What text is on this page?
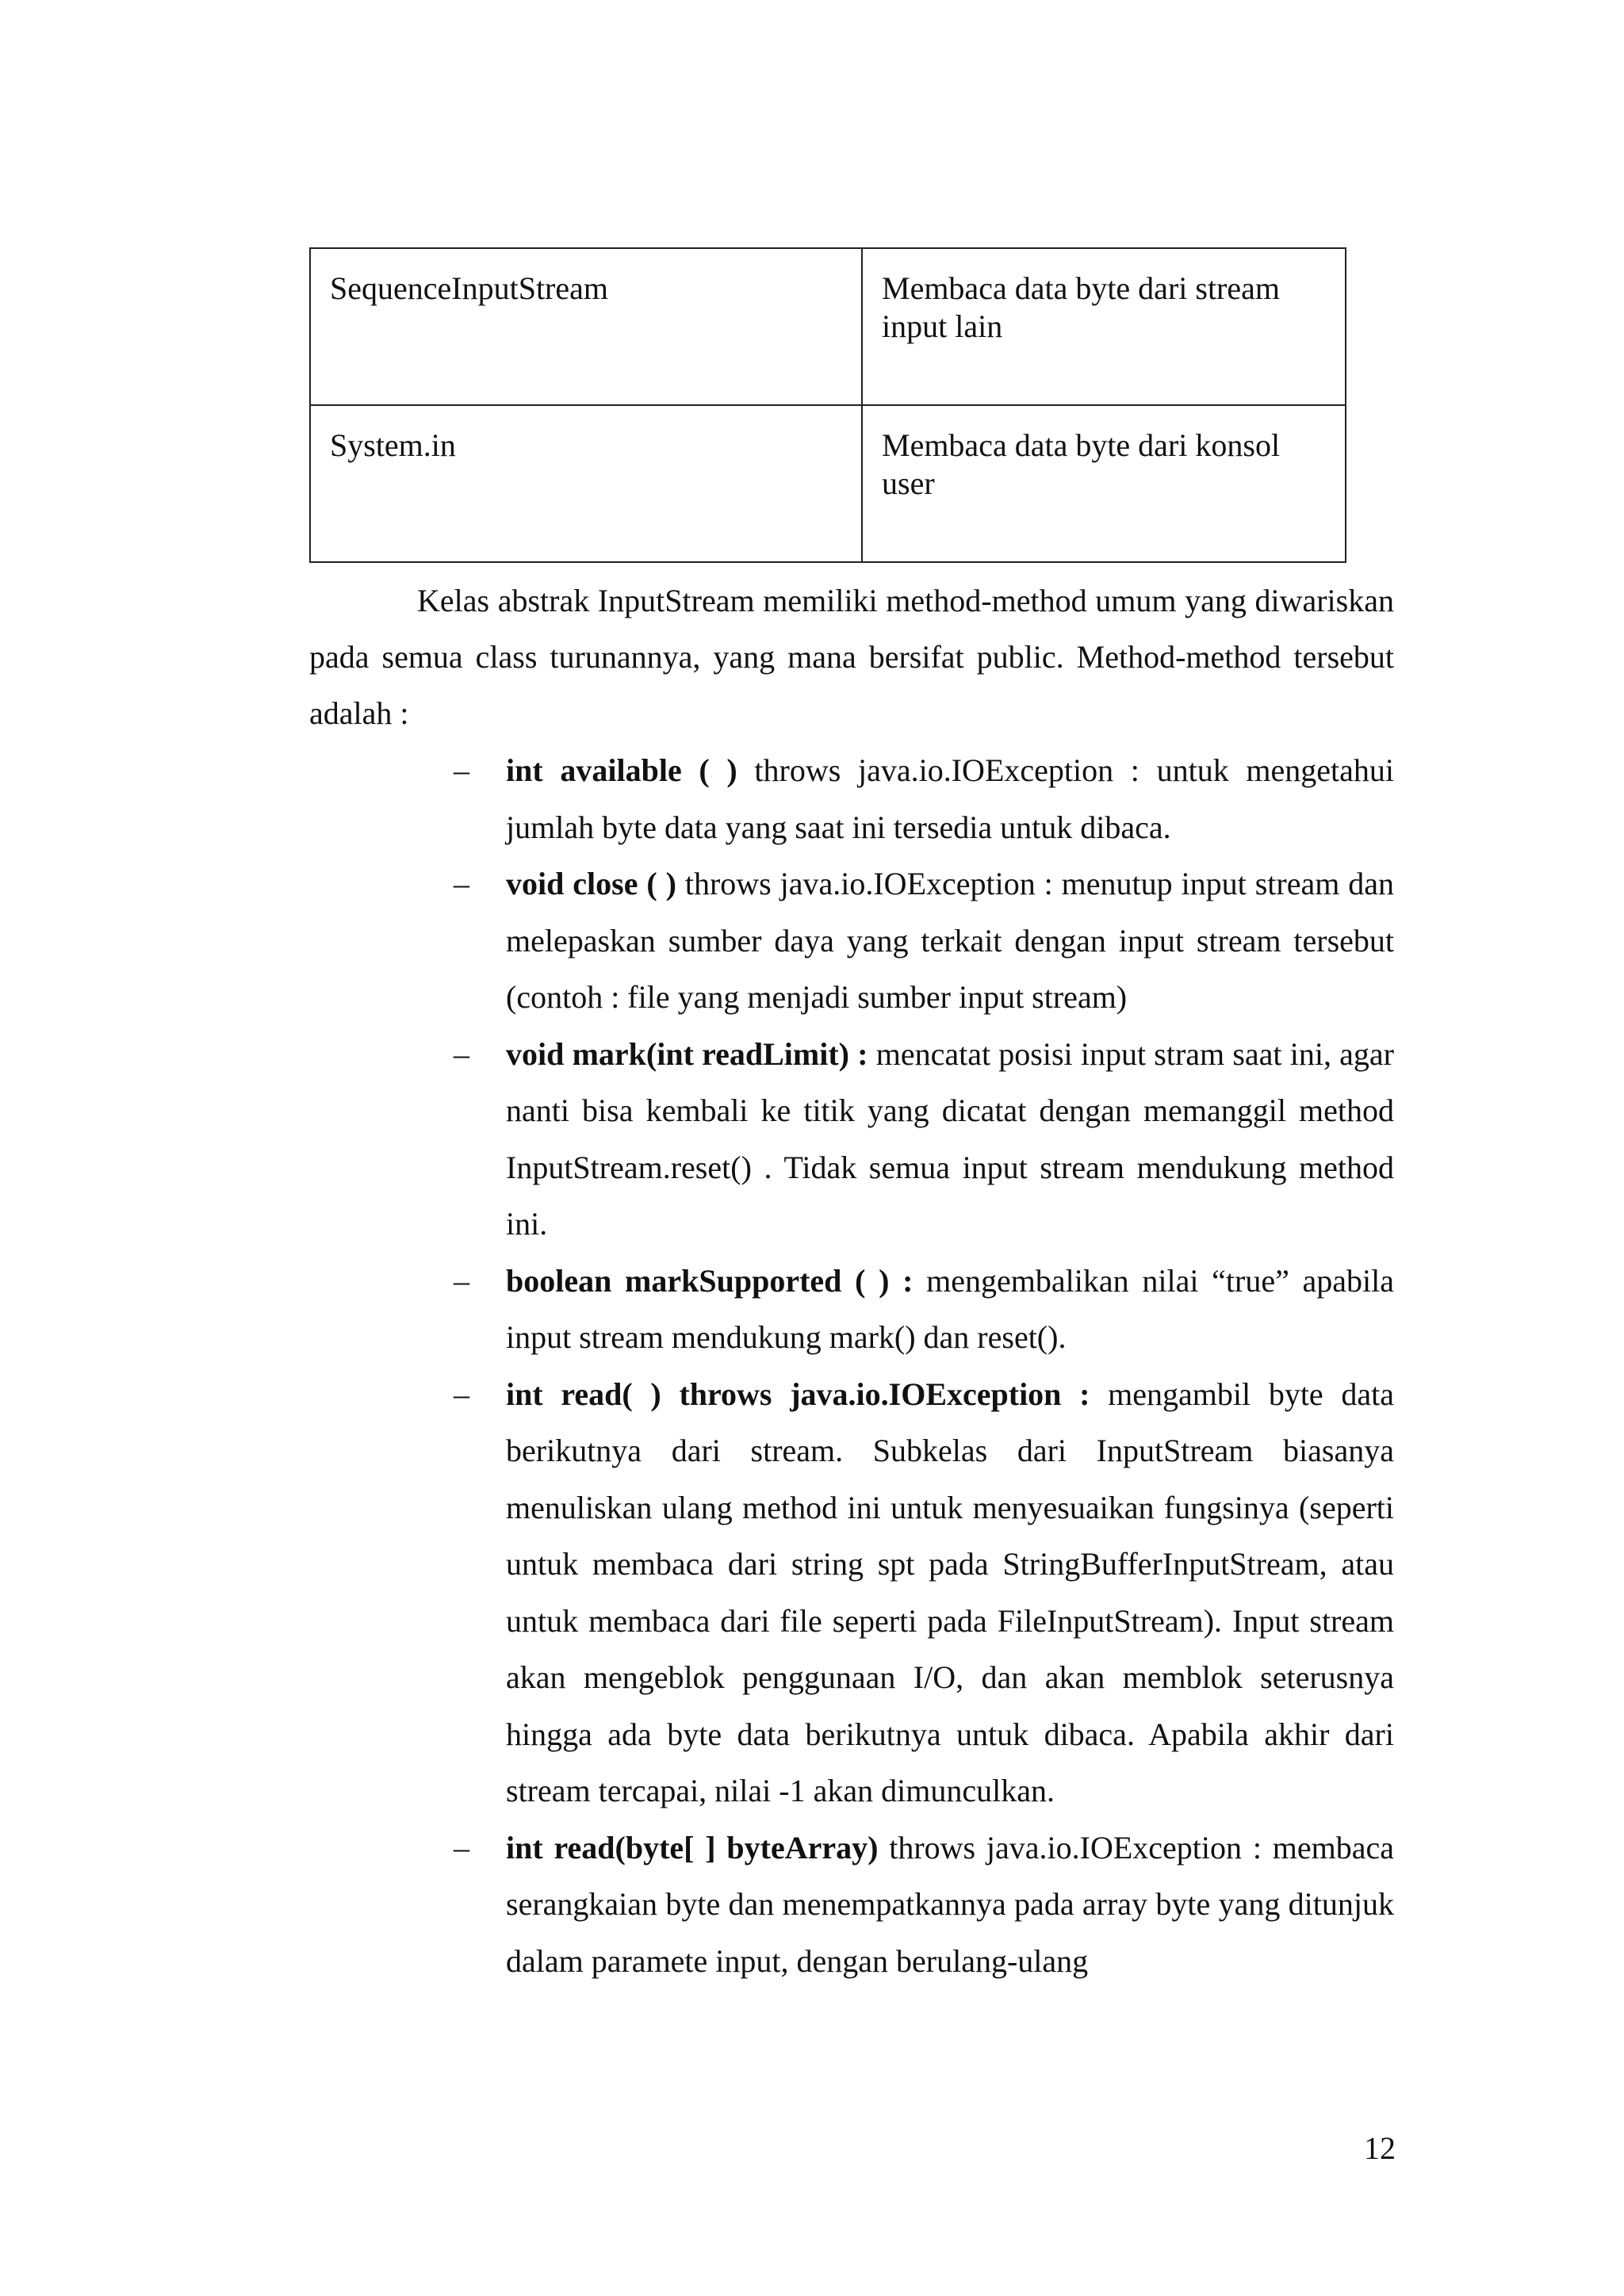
SequenceInputStream	Membaca data byte dari stream input lain
System.in	Membaca data byte dari konsol user

Kelas abstrak InputStream memiliki method-method umum yang diwariskan pada semua class turunannya, yang mana bersifat public. Method-method tersebut adalah :

– int available ( ) throws java.io.IOException : untuk mengetahui jumlah byte data yang saat ini tersedia untuk dibaca.
– void close ( ) throws java.io.IOException : menutup input stream dan melepaskan sumber daya yang terkait dengan input stream tersebut (contoh : file yang menjadi sumber input stream)
– void mark(int readLimit) : mencatat posisi input stram saat ini, agar nanti bisa kembali ke titik yang dicatat dengan memanggil method InputStream.reset() . Tidak semua input stream mendukung method ini.
– boolean markSupported ( ) : mengembalikan nilai “true” apabila input stream mendukung mark() dan reset().
– int read( ) throws java.io.IOException : mengambil byte data berikutnya dari stream. Subkelas dari InputStream biasanya menuliskan ulang method ini untuk menyesuaikan fungsinya (seperti untuk membaca dari string spt pada StringBufferInputStream, atau untuk membaca dari file seperti pada FileInputStream). Input stream akan mengeblok penggunaan I/O, dan akan memblok seterusnya hingga ada byte data berikutnya untuk dibaca. Apabila akhir dari stream tercapai, nilai -1 akan dimunculkan.
– int read(byte[ ] byteArray) throws java.io.IOException : membaca serangkaian byte dan menempatkannya pada array byte yang ditunjuk dalam paramete input, dengan berulang-ulang
12
